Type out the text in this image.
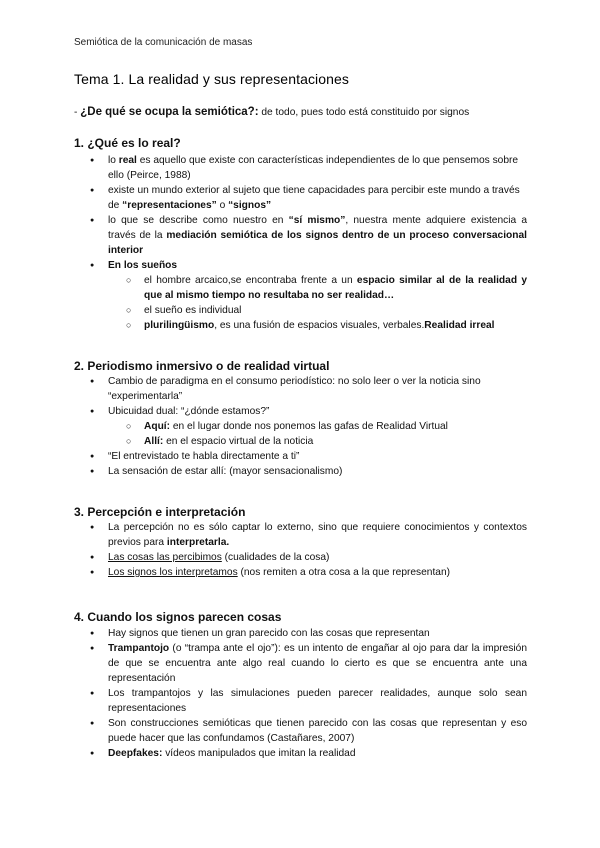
Semiótica de la comunicación de masas
Tema 1. La realidad y sus representaciones
- ¿De qué se ocupa la semiótica?: de todo, pues todo está constituido por signos
1. ¿Qué es lo real?
● lo real es aquello que existe con características independientes de lo que pensemos sobre ello (Peirce, 1988)
● existe un mundo exterior al sujeto que tiene capacidades para percibir este mundo a través de “representaciones” o “signos”
● lo que se describe como nuestro en “sí mismo”, nuestra mente adquiere existencia a través de la mediación semiótica de los signos dentro de un proceso conversacional interior
● En los sueños
○ el hombre arcaico,se encontraba frente a un espacio similar al de la realidad y que al mismo tiempo no resultaba no ser realidad…
○ el sueño es individual
○ plurilingüismo, es una fusión de espacios visuales, verbales.Realidad irreal
2. Periodismo inmersivo o de realidad virtual
● Cambio de paradigma en el consumo periodístico: no solo leer o ver la noticia sino “experimentarla”
● Ubicuidad dual: “¿dónde estamos?”
○ Aquí: en el lugar donde nos ponemos las gafas de Realidad Virtual
○ Allí: en el espacio virtual de la noticia
● “El entrevistado te habla directamente a ti”
● La sensación de estar allí: (mayor sensacionalismo)
3. Percepción e interpretación
● La percepción no es sólo captar lo externo, sino que requiere conocimientos y contextos previos para interpretarla.
● Las cosas las percibimos (cualidades de la cosa)
● Los signos los interpretamos (nos remiten a otra cosa a la que representan)
4. Cuando los signos parecen cosas
● Hay signos que tienen un gran parecido con las cosas que representan
● Trampantojo (o “trampa ante el ojo”): es un intento de engañar al ojo para dar la impresión de que se encuentra ante algo real cuando lo cierto es que se encuentra ante una representación
● Los trampantojos y las simulaciones pueden parecer realidades, aunque solo sean representaciones
● Son construcciones semióticas que tienen parecido con las cosas que representan y eso puede hacer que las confundamos (Castañares, 2007)
● Deepfakes: vídeos manipulados que imitan la realidad
